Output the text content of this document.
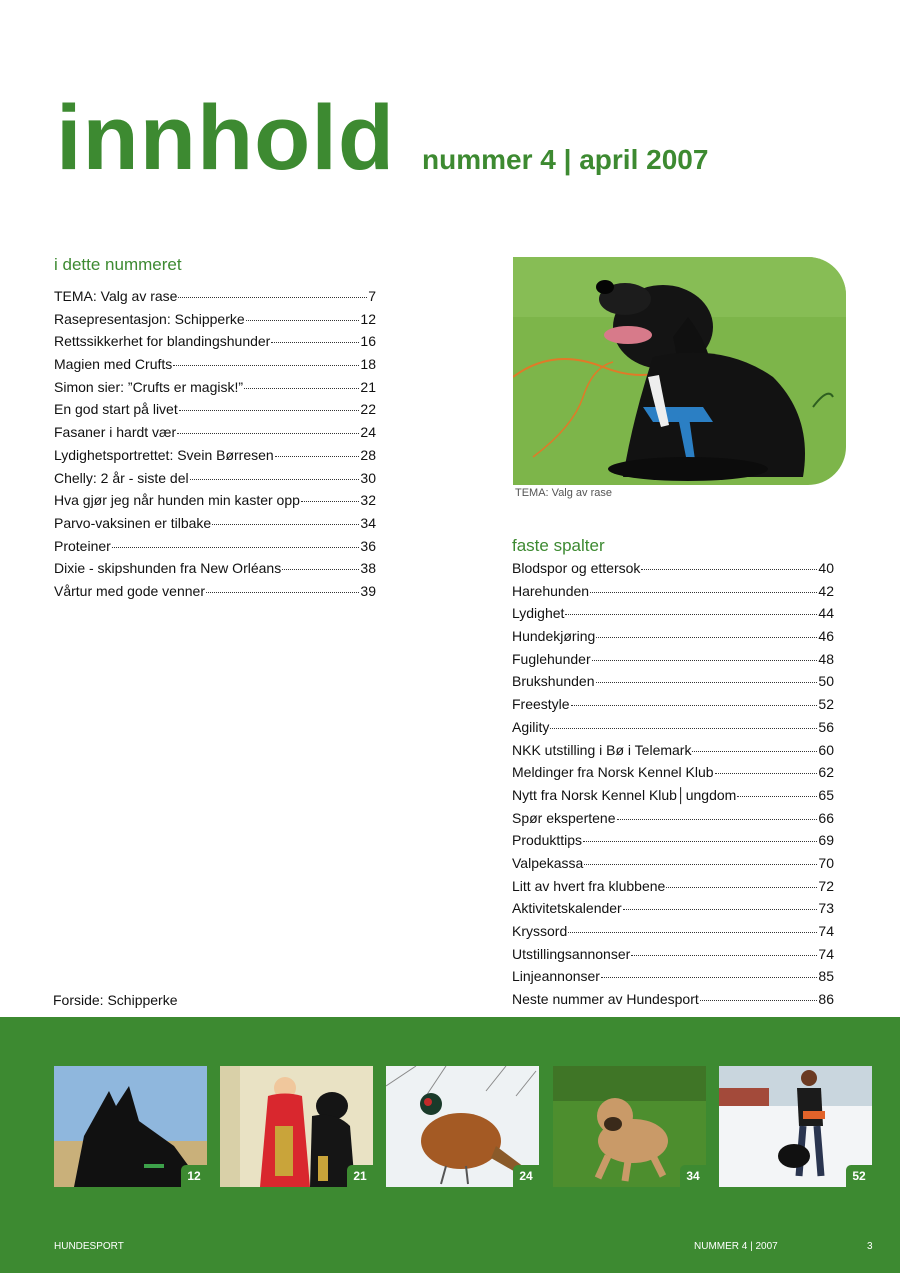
innhold nummer 4 | april 2007
i dette nummeret
TEMA: Valg av rase	7
Rasepresentasjon: Schipperke	12
Rettssikkerhet for blandingshunder	16
Magien med Crufts	18
Simon sier: ”Crufts er magisk!”	21
En god start på livet	22
Fasaner i hardt vær	24
Lydighetsportrettet: Svein Børresen	28
Chelly: 2 år - siste del	30
Hva gjør jeg når hunden min kaster opp	32
Parvo-vaksinen er tilbake	34
Proteiner	36
Dixie - skipshunden fra New Orléans	38
Vårtur med gode venner	39
TEMA: Valg av rase
faste spalter
Blodspor og ettersok	40
Harehunden	42
Lydighet	44
Hundekjøring	46
Fuglehunder	48
Brukshunden	50
Freestyle	52
Agility	56
NKK utstilling i Bø i Telemark	60
Meldinger fra Norsk Kennel Klub	62
Nytt fra Norsk Kennel Klub│ungdom	65
Spør ekspertene	66
Produkttips	69
Valpekassa	70
Litt av hvert fra klubbene	72
Aktivitetskalender	73
Kryssord	74
Utstillingsannonser	74
Linjeannonser	85
Neste nummer av Hundesport	86
Forside: Schipperke
12	21	24	34	52
HUNDESPORT	NUMMER 4 | 2007	3
